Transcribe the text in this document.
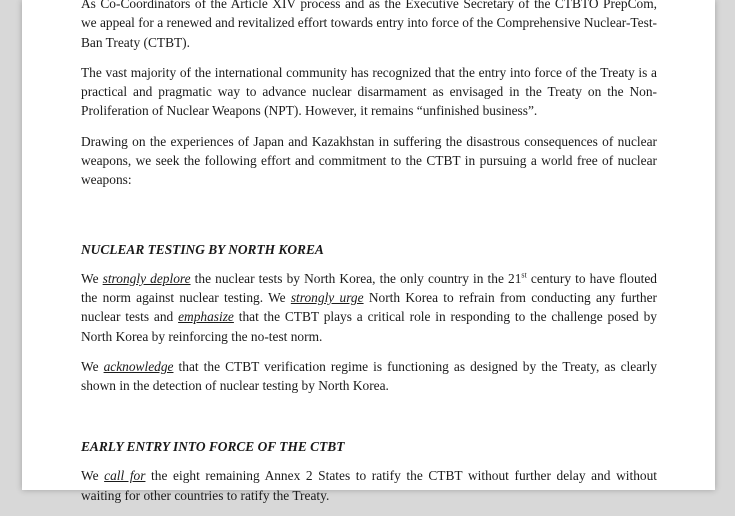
As Co-Coordinators of the Article XIV process and as the Executive Secretary of the CTBTO PrepCom, we appeal for a renewed and revitalized effort towards entry into force of the Comprehensive Nuclear-Test-Ban Treaty (CTBT).

The vast majority of the international community has recognized that the entry into force of the Treaty is a practical and pragmatic way to advance nuclear disarmament as envisaged in the Treaty on the Non-Proliferation of Nuclear Weapons (NPT). However, it remains “unfinished business”.

Drawing on the experiences of Japan and Kazakhstan in suffering the disastrous consequences of nuclear weapons, we seek the following effort and commitment to the CTBT in pursuing a world free of nuclear weapons:

NUCLEAR TESTING BY NORTH KOREA

We strongly deplore the nuclear tests by North Korea, the only country in the 21st century to have flouted the norm against nuclear testing. We strongly urge North Korea to refrain from conducting any further nuclear tests and emphasize that the CTBT plays a critical role in responding to the challenge posed by North Korea by reinforcing the no-test norm.

We acknowledge that the CTBT verification regime is functioning as designed by the Treaty, as clearly shown in the detection of nuclear testing by North Korea.

EARLY ENTRY INTO FORCE OF THE CTBT

We call for the eight remaining Annex 2 States to ratify the CTBT without further delay and without waiting for other countries to ratify the Treaty.
